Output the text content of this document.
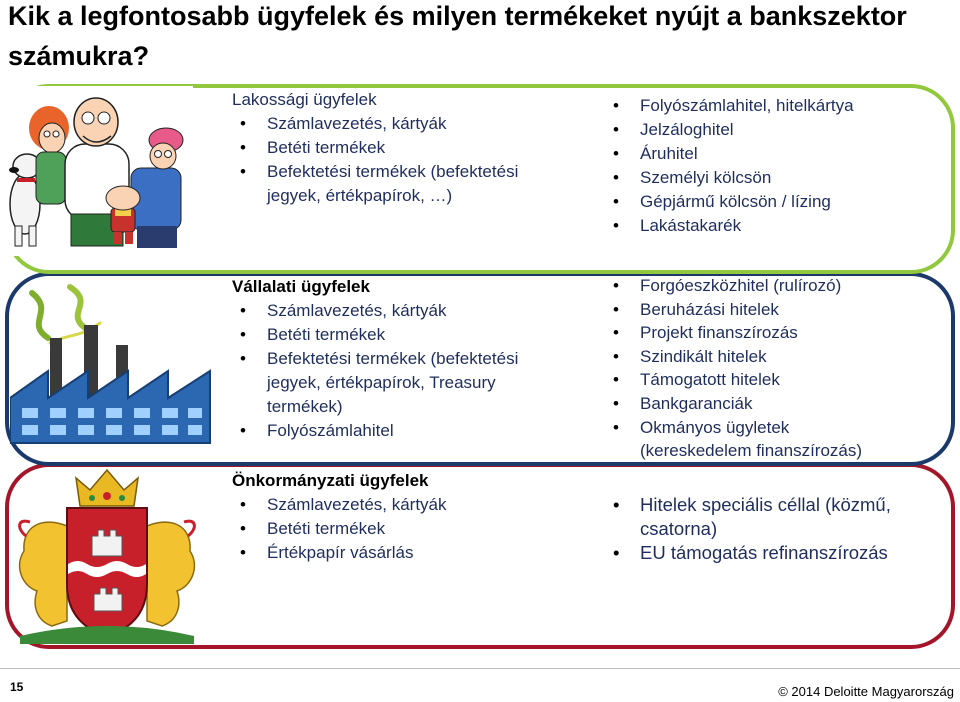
Kik a legfontosabb ügyfelek és milyen termékeket nyújt a bankszektor számukra?
Lakossági ügyfelek
• Számlavezetés, kártyák
• Betéti termékek
• Befektetési termékek (befektetési
jegyek, értékpapírok, …)
• Folyószámlahitel, hitelkártya
• Jelzáloghitel
• Áruhitel
• Személyi kölcsön
• Gépjármű kölcsön / lízing
• Lakástakarék
Vállalati ügyfelek
• Számlavezetés, kártyák
• Betéti termékek
• Befektetési termékek (befektetési
jegyek, értékpapírok, Treasury
termékek)
• Folyószámlahitel
• Forgóeszközhitel (rulírozó)
• Beruházási hitelek
• Projekt finanszírozás
• Szindikált hitelek
• Támogatott hitelek
• Bankgaranciák
• Okmányos ügyletek
(kereskedelem finanszírozás)
Önkormányzati ügyfelek
• Számlavezetés, kártyák
• Betéti termékek
• Értékpapír vásárlás
• Hitelek speciális céllal (közmű,
csatorna)
• EU támogatás refinanszírozás
15	© 2014 Deloitte Magyarország
